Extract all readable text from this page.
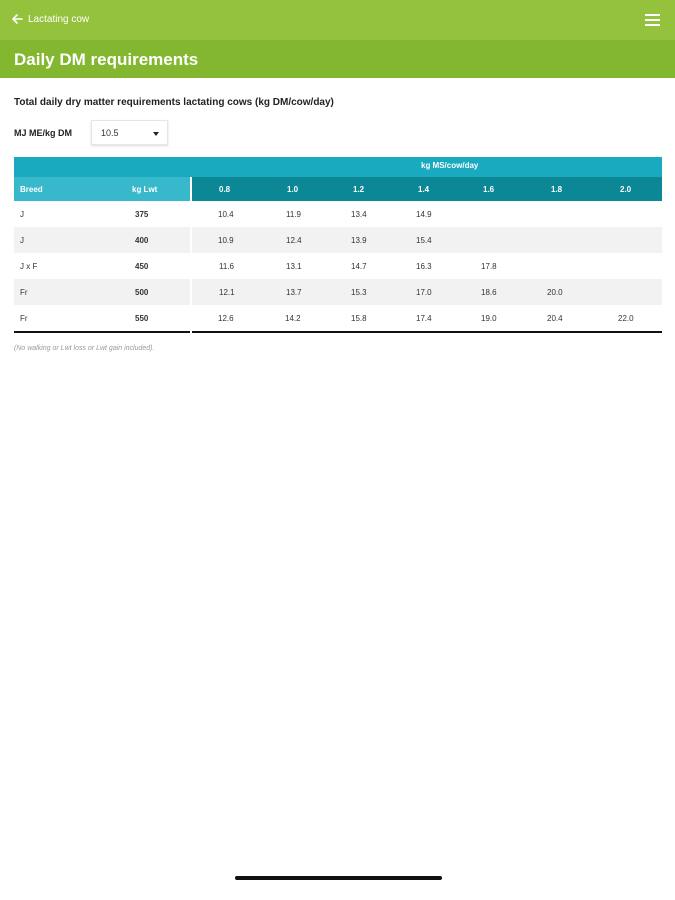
Lactating cow
Daily DM requirements
Total daily dry matter requirements lactating cows (kg DM/cow/day)
MJ ME/kg DM	10.5
kg MS/cow/day
Breed	kg Lwt	0.8	1.0	1.2	1.4	1.6	1.8	2.0
J	375	10.4	11.9	13.4	14.9
J	400	10.9	12.4	13.9	15.4
J x F	450	11.6	13.1	14.7	16.3	17.8
Fr	500	12.1	13.7	15.3	17.0	18.6	20.0
Fr	550	12.6	14.2	15.8	17.4	19.0	20.4	22.0
(No walking or Lwt loss or Lwt gain included).
